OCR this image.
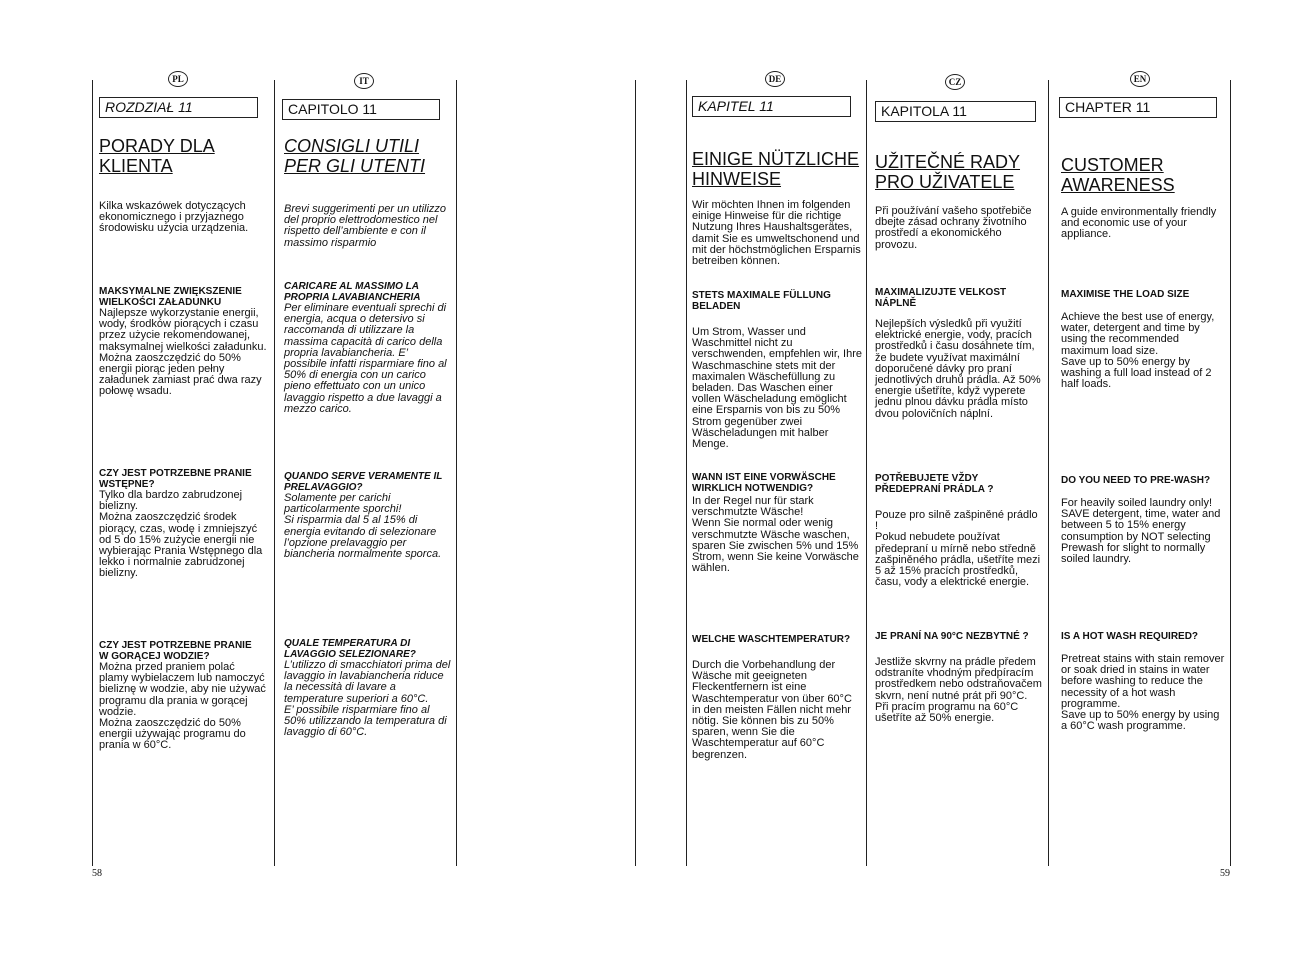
PL
ROZDZIAŁ 11
PORADY DLA
KLIENTA
Kilka wskazówek dotyczących ekonomicznego i przyjaznego środowisku użycia urządzenia.
MAKSYMALNE ZWIĘKSZENIE WIELKOŚCI ZAŁADUNKU
Najlepsze wykorzystanie energii, wody, środków piorących i czasu przez użycie rekomendowanej, maksymalnej wielkości załadunku.
Można zaoszczędzić do 50% energii piorąc jeden pełny załadunek zamiast prać dwa razy połowę wsadu.
CZY JEST POTRZEBNE PRANIE WSTĘPNE?
Tylko dla bardzo zabrudzonej bielizny.
Można zaoszczędzić środek piorący, czas, wodę i zmniejszyć od 5 do 15% zużycie energii nie wybierając Prania Wstępnego dla lekko i normalnie zabrudzonej bielizny.
CZY JEST POTRZEBNE PRANIE W GORĄCEJ WODZIE?
Można przed praniem polać plamy wybielaczem lub namoczyć bieliznę w wodzie, aby nie używać programu dla prania w gorącej wodzie.
Można zaoszczędzić do 50% energii używając programu do prania w 60°C.
IT
CAPITOLO 11
CONSIGLI UTILI
PER GLI UTENTI
Brevi suggerimenti per un utilizzo del proprio elettrodomestico nel rispetto dell’ambiente e con il massimo risparmio
CARICARE AL MASSIMO LA PROPRIA LAVABIANCHERIA
Per eliminare eventuali sprechi di energia, acqua o detersivo si raccomanda di utilizzare la massima capacità di carico della propria lavabiancheria. E’ possibile infatti risparmiare fino al 50% di energia con un carico pieno effettuato con un unico lavaggio rispetto a due lavaggi a mezzo carico.
QUANDO SERVE VERAMENTE IL PRELAVAGGIO?
Solamente per carichi particolarmente sporchi!
Si risparmia dal 5 al 15% di energia evitando di selezionare l’opzione prelavaggio per biancheria normalmente sporca.
QUALE TEMPERATURA DI LAVAGGIO SELEZIONARE?
L’utilizzo di smacchiatori prima del lavaggio in lavabiancheria riduce la necessità di lavare a temperature superiori a 60°C.
E’ possibile risparmiare fino al 50% utilizzando la temperatura di lavaggio di 60°C.
DE
KAPITEL 11
EINIGE NÜTZLICHE
HINWEISE
Wir möchten Ihnen im folgenden einige Hinweise für die richtige Nutzung Ihres Haushaltsgerätes, damit Sie es umweltschonend und mit der höchstmöglichen Ersparnis betreiben können.
STETS MAXIMALE FÜLLUNG BELADEN
Um Strom, Wasser und Waschmittel nicht zu verschwenden, empfehlen wir, Ihre Waschmaschine stets mit der maximalen Wäschefüllung zu beladen. Das Waschen einer vollen Wäscheladung emöglicht eine Ersparnis von bis zu 50% Strom gegenüber zwei Wäscheladungen mit halber Menge.
WANN IST EINE VORWÄSCHE WIRKLICH NOTWENDIG?
In der Regel nur für stark verschmutzte Wäsche!
Wenn Sie normal oder wenig verschmutzte Wäsche waschen, sparen Sie zwischen 5% und 15% Strom, wenn Sie keine Vorwäsche wählen.
WELCHE WASCHTEMPERATUR?
Durch die Vorbehandlung der Wäsche mit geeigneten Fleckentfernern ist eine Waschtemperatur von über 60°C in den meisten Fällen nicht mehr nötig. Sie können bis zu 50% sparen, wenn Sie die Waschtemperatur auf 60°C begrenzen.
CZ
KAPITOLA 11
UŽITEČNÉ RADY
PRO UŽIVATELE
Při používání vašeho spotřebiče dbejte zásad ochrany životního prostředí a ekonomického provozu.
MAXIMALIZUJTE VELKOST NÁPLNĚ
Nejlepších výsledků při využití elektrické energie, vody, pracích prostředků i času dosáhnete tím, že budete využívat maximální doporučené dávky pro praní jednotlivých druhů prádla. Až 50% energie ušetříte, když vyperete jednu plnou dávku prádla místo dvou polovičních náplní.
POTŘEBUJETE VŽDY PŘEDEPRANÍ PRÁDLA ?
Pouze pro silně zašpiněné prádlo !
Pokud nebudete používat předepraní u mírně nebo středně zašpiněného prádla, ušetříte mezi 5 až 15% pracích prostředků, času, vody a elektrické energie.
JE PRANÍ NA 90°C NEZBYTNÉ ?
Jestliže skvrny na prádle předem odstraníte vhodným předpíracím prostředkem nebo odstraňovačem skvrn, není nutné prát při 90°C. Při pracím programu na 60°C ušetříte až 50% energie.
EN
CHAPTER 11
CUSTOMER
AWARENESS
A guide environmentally friendly and economic use of your appliance.
MAXIMISE THE LOAD SIZE
Achieve the best use of energy, water, detergent and time by using the recommended maximum load size.
Save up to 50% energy by washing a full load instead of 2 half loads.
DO YOU NEED TO PRE-WASH?
For heavily soiled laundry only!
SAVE detergent, time, water and between 5 to 15% energy consumption by NOT selecting Prewash for slight to normally soiled laundry.
IS A HOT WASH REQUIRED?
Pretreat stains with stain remover or soak dried in stains in water before washing to reduce the necessity of a hot wash programme.
Save up to 50% energy by using a 60°C wash programme.
58	59
